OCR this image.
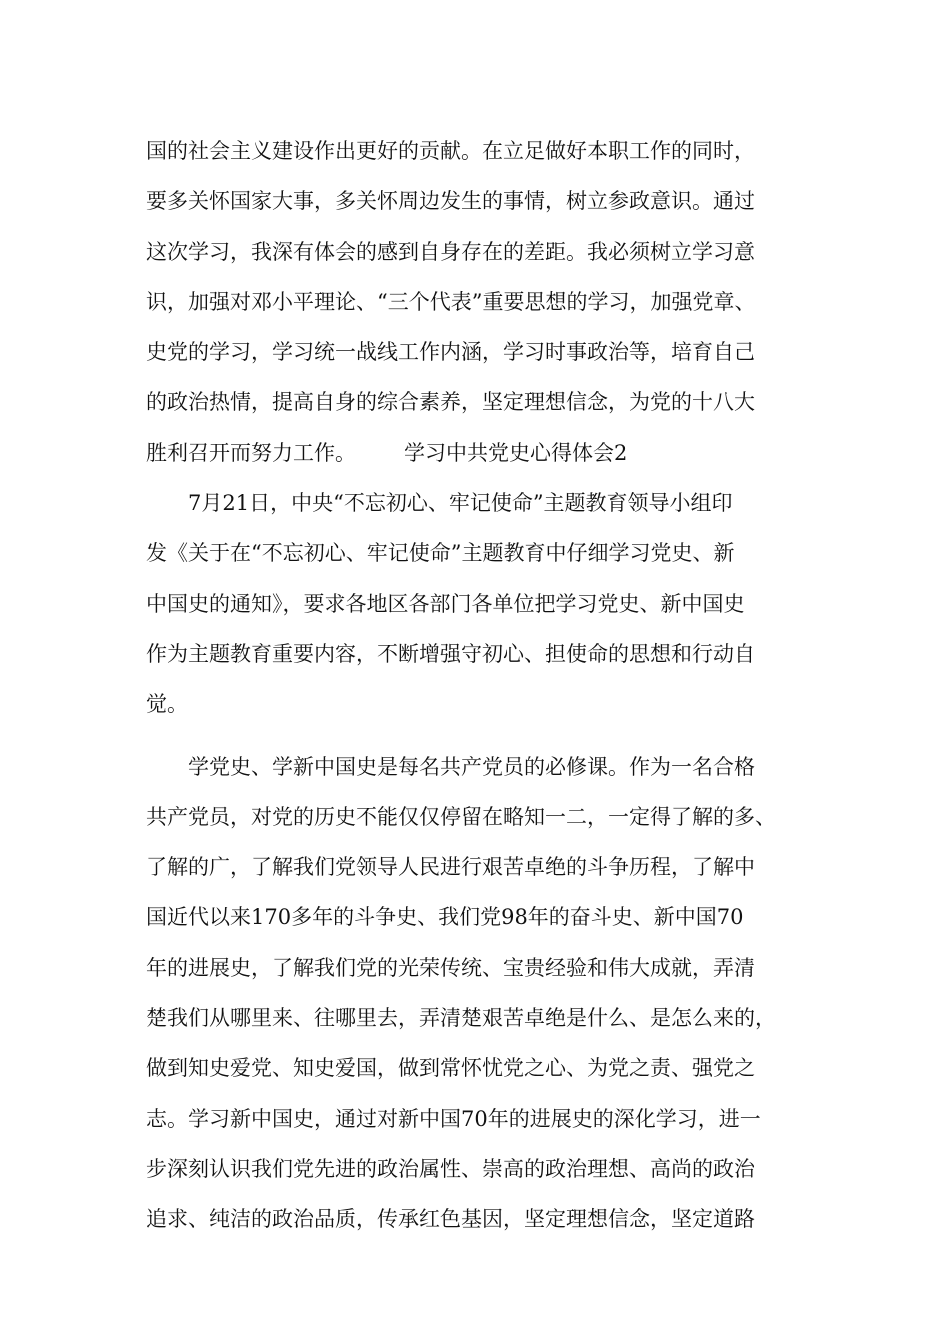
国的社会主义建设作出更好的贡献。在立足做好本职工作的同时，
要多关怀国家大事，多关怀周边发生的事情，树立参政意识。通过
这次学习，我深有体会的感到自身存在的差距。我必须树立学习意
识，加强对邓小平理论、“三个代表”重要思想的学习，加强党章、
史党的学习，学习统一战线工作内涵，学习时事政治等，培育自己
的政治热情，提高自身的综合素养，坚定理想信念，为党的十八大
胜利召开而努力工作。 学习中共党史心得体会2
7月21日，中央“不忘初心、牢记使命”主题教育领导小组印
发《关于在“不忘初心、牢记使命”主题教育中仔细学习党史、新
中国史的通知》，要求各地区各部门各单位把学习党史、新中国史
作为主题教育重要内容，不断增强守初心、担使命的思想和行动自
觉。
学党史、学新中国史是每名共产党员的必修课。作为一名合格
共产党员，对党的历史不能仅仅停留在略知一二，一定得了解的多、
了解的广，了解我们党领导人民进行艰苦卓绝的斗争历程，了解中
国近代以来170多年的斗争史、我们党98年的奋斗史、新中国70
年的进展史，了解我们党的光荣传统、宝贵经验和伟大成就，弄清
楚我们从哪里来、往哪里去，弄清楚艰苦卓绝是什么、是怎么来的，
做到知史爱党、知史爱国，做到常怀忧党之心、为党之责、强党之
志。学习新中国史，通过对新中国70年的进展史的深化学习，进一
步深刻认识我们党先进的政治属性、崇高的政治理想、高尚的政治
追求、纯洁的政治品质，传承红色基因，坚定理想信念，坚定道路
